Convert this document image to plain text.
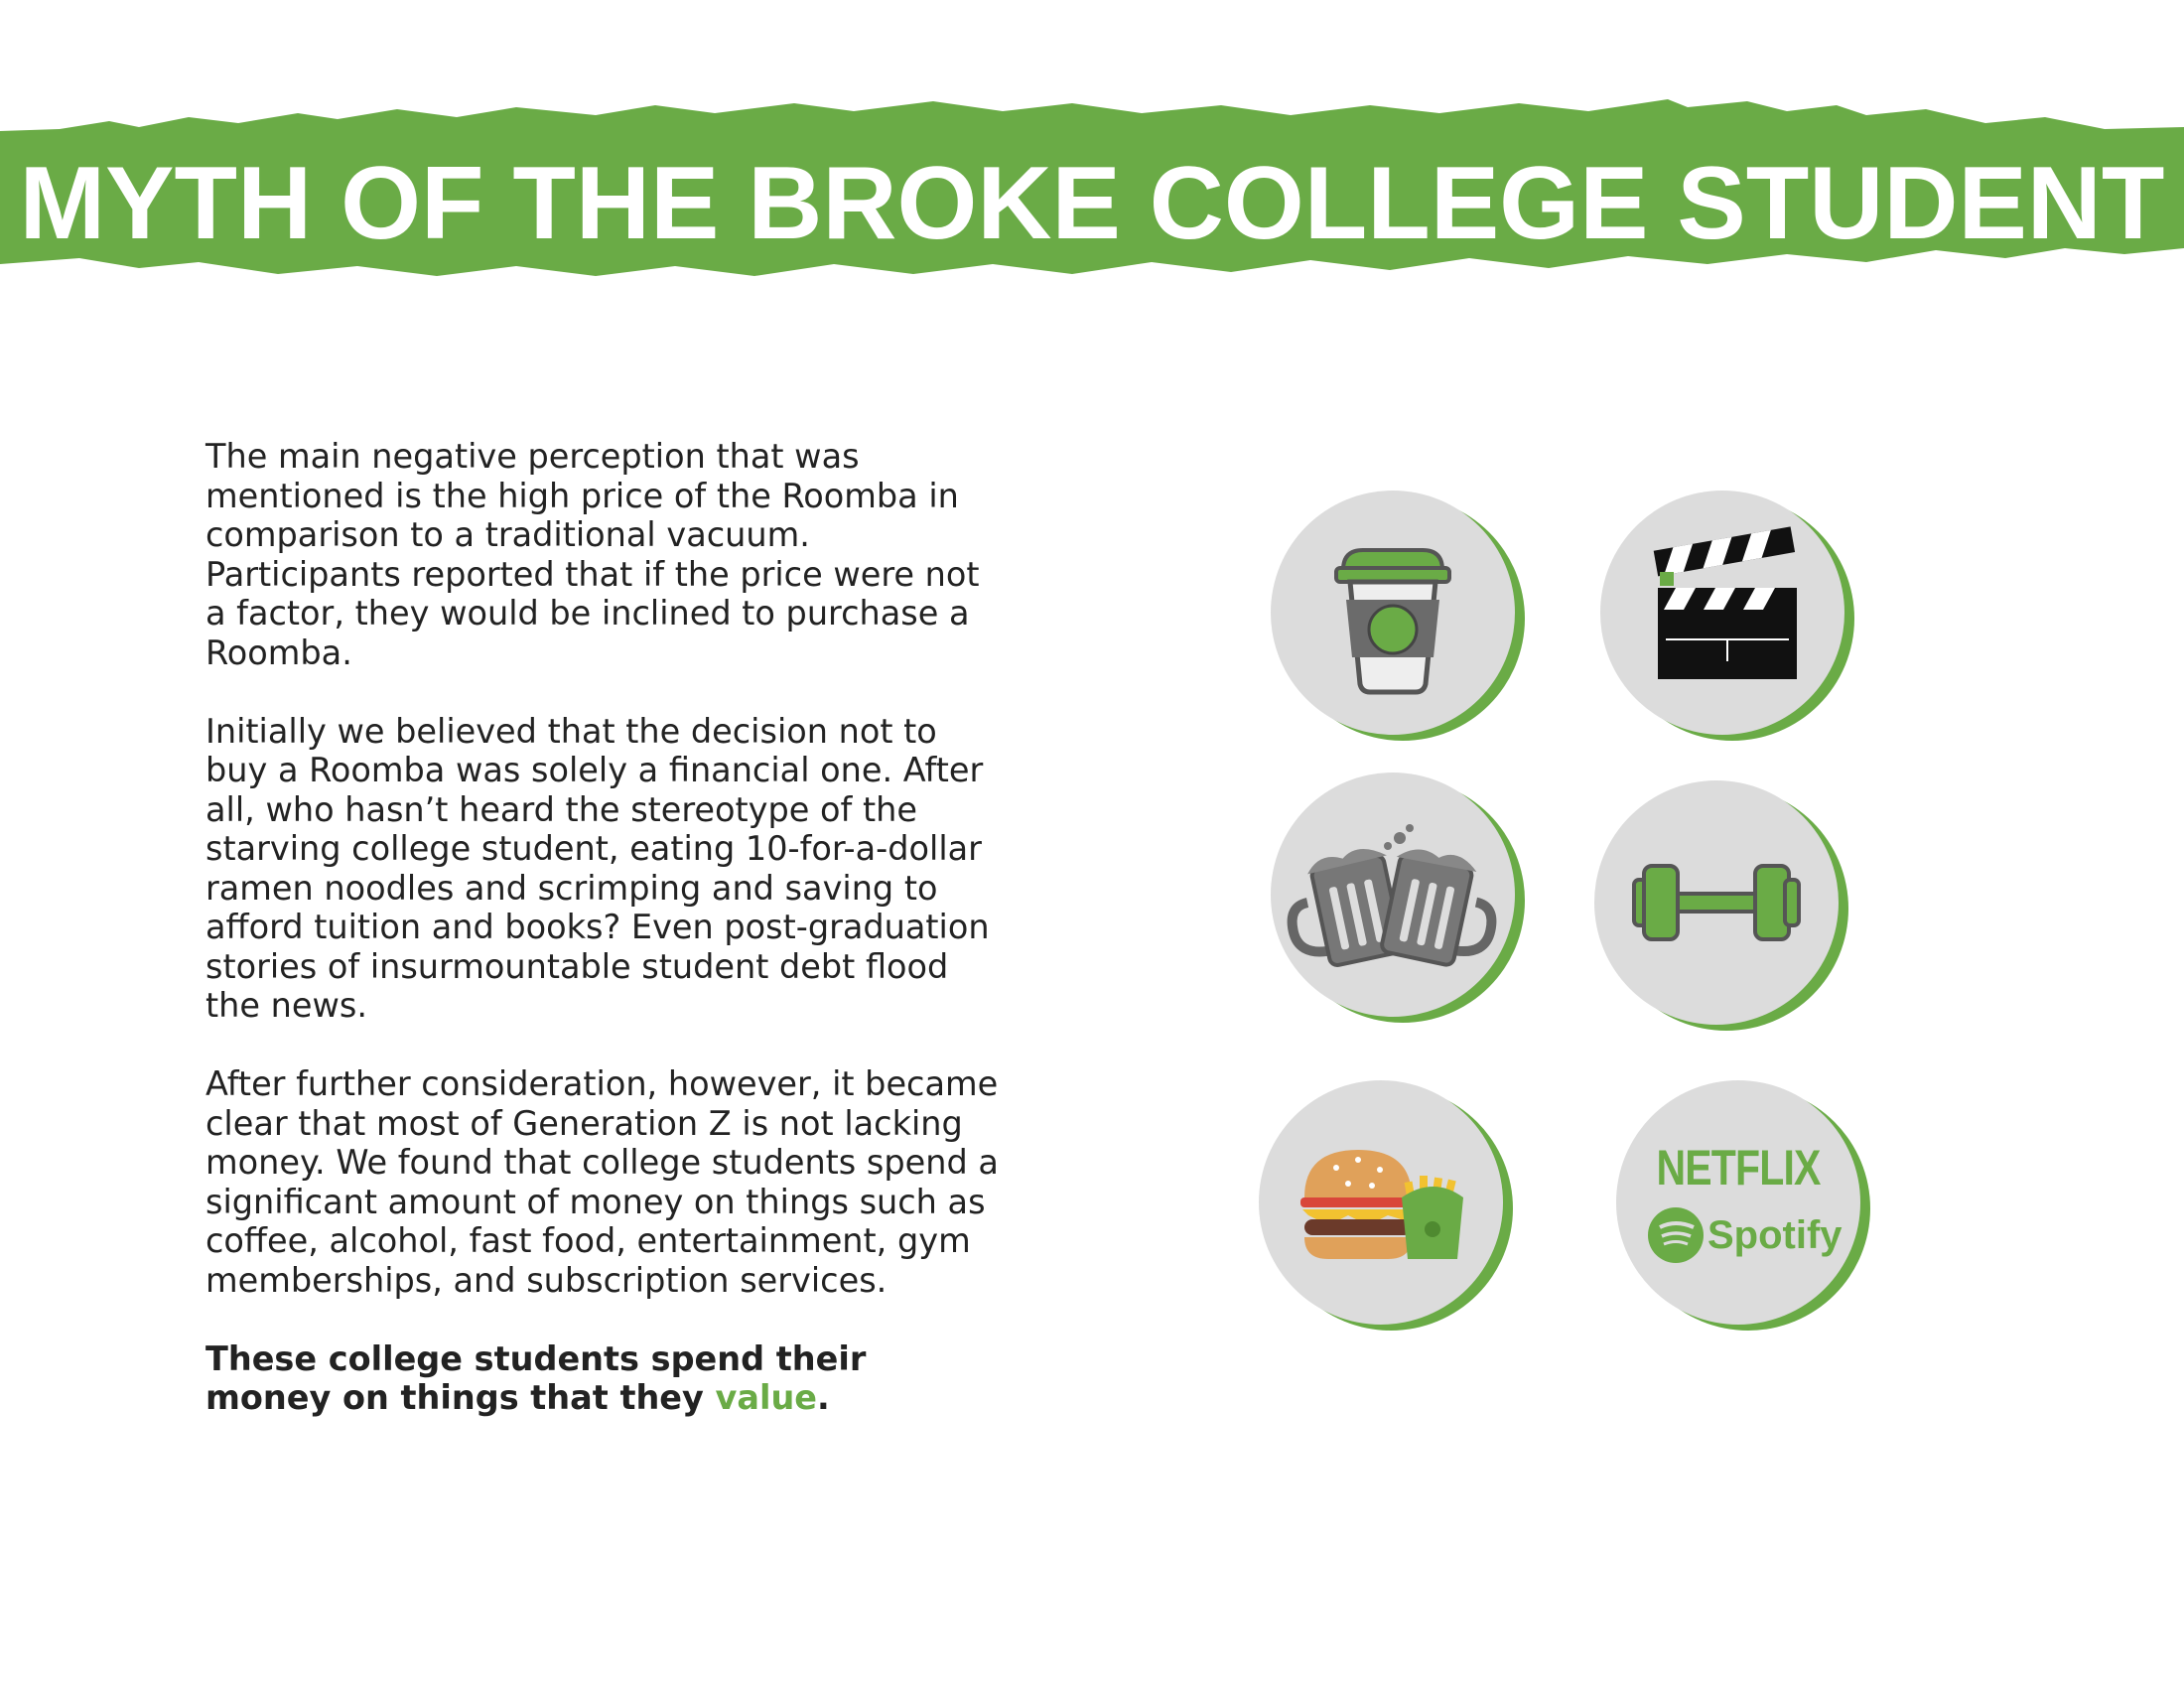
MYTH OF THE BROKE COLLEGE STUDENT

The main negative perception that was mentioned is the high price of the Roomba in comparison to a traditional vacuum. Participants reported that if the price were not a factor, they would be inclined to purchase a Roomba.

Initially we believed that the decision not to buy a Roomba was solely a financial one. After all, who hasn’t heard the stereotype of the starving college student, eating 10-for-a-dollar ramen noodles and scrimping and saving to afford tuition and books? Even post-graduation stories of insurmountable student debt flood the news.

After further consideration, however, it became clear that most of Generation Z is not lacking money. We found that college students spend a significant amount of money on things such as coffee, alcohol, fast food, entertainment, gym memberships, and subscription services.

These college students spend their money on things that they value.

NETFLIX
Spotify
